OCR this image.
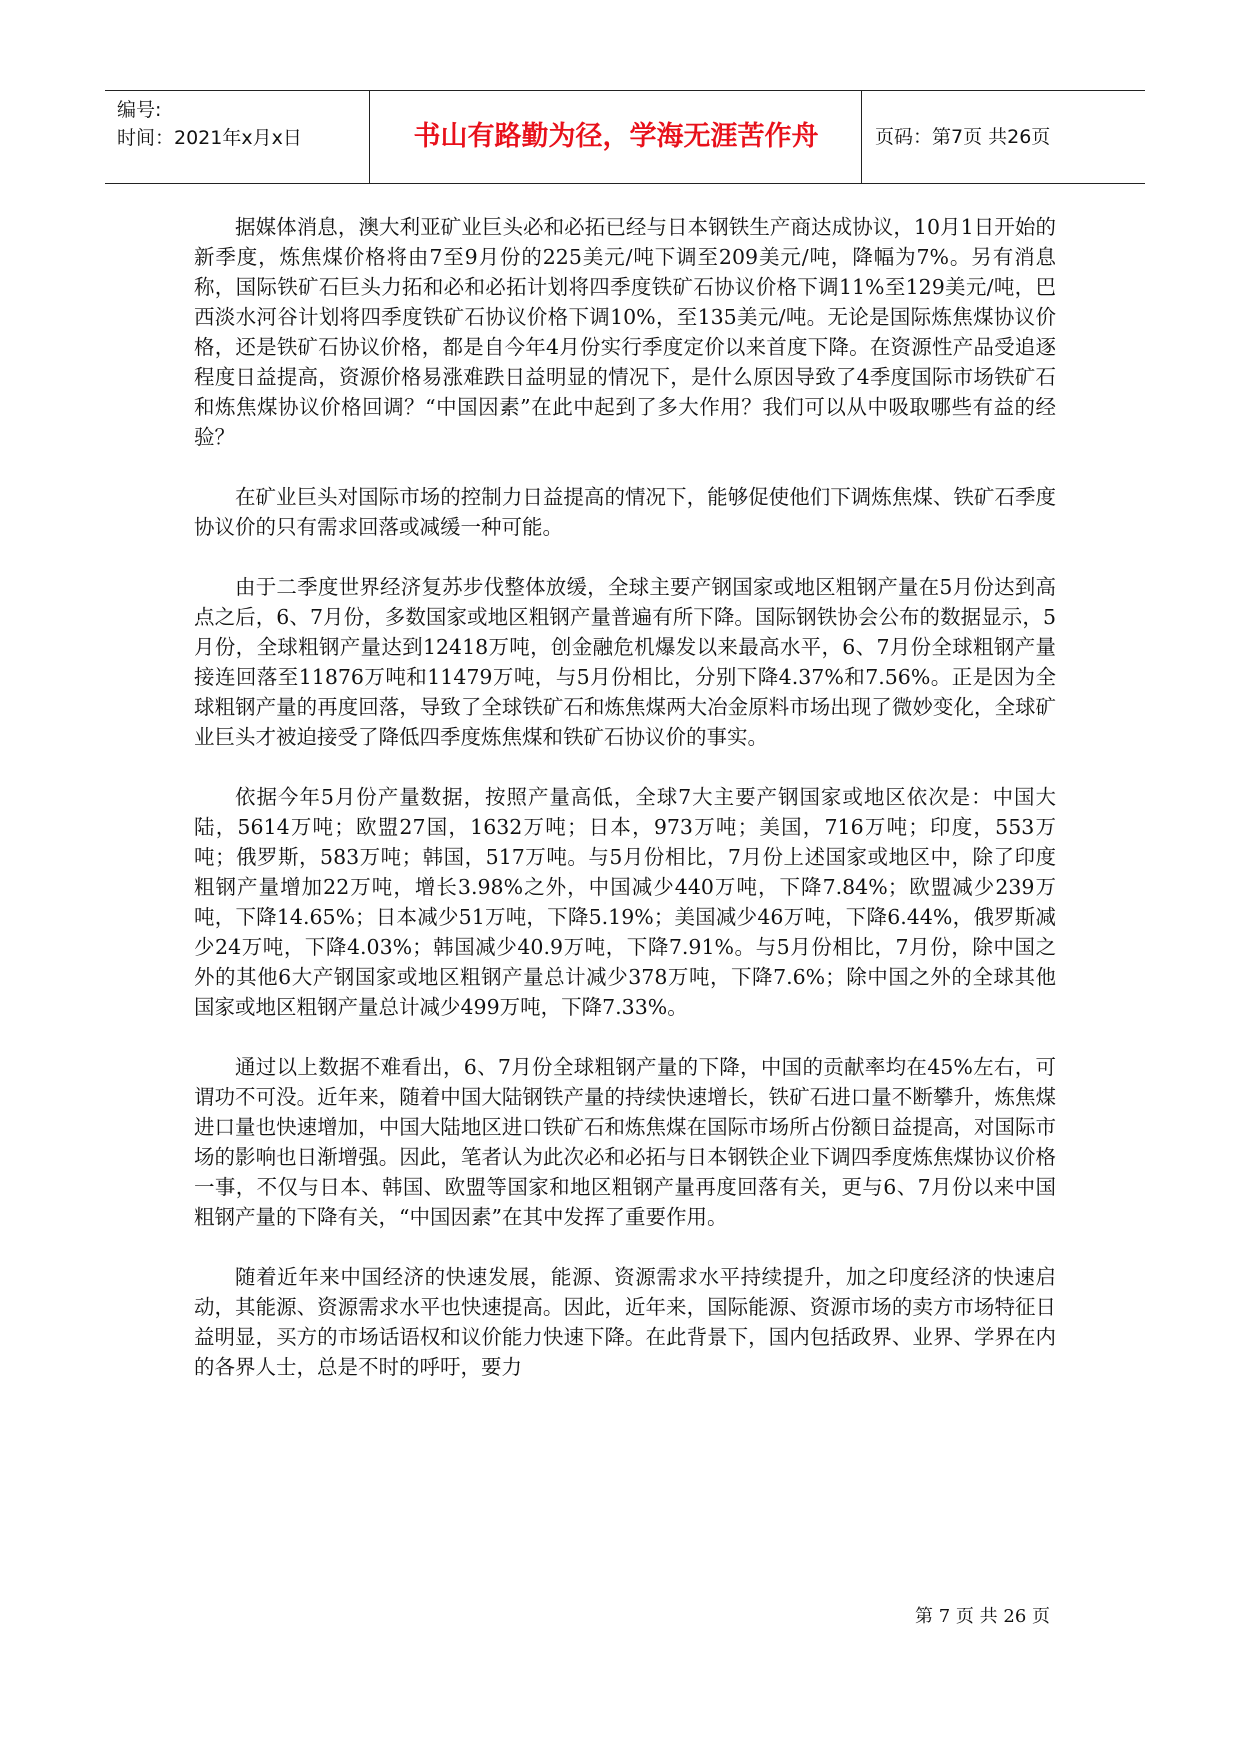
编号:
时间：2021年x月x日	书山有路勤为径，学海无涯苦作舟	页码：第7页 共26页

据媒体消息，澳大利亚矿业巨头必和必拓已经与日本钢铁生产商达成协议，10月1日开始的新季度，炼焦煤价格将由7至9月份的225美元/吨下调至209美元/吨，降幅为7%。另有消息称，国际铁矿石巨头力拓和必和必拓计划将四季度铁矿石协议价格下调11%至129美元/吨，巴西淡水河谷计划将四季度铁矿石协议价格下调10%，至135美元/吨。无论是国际炼焦煤协议价格，还是铁矿石协议价格，都是自今年4月份实行季度定价以来首度下降。在资源性产品受追逐程度日益提高，资源价格易涨难跌日益明显的情况下，是什么原因导致了4季度国际市场铁矿石和炼焦煤协议价格回调？“中国因素”在此中起到了多大作用？我们可以从中吸取哪些有益的经验？

在矿业巨头对国际市场的控制力日益提高的情况下，能够促使他们下调炼焦煤、铁矿石季度协议价的只有需求回落或减缓一种可能。

由于二季度世界经济复苏步伐整体放缓，全球主要产钢国家或地区粗钢产量在5月份达到高点之后，6、7月份，多数国家或地区粗钢产量普遍有所下降。国际钢铁协会公布的数据显示，5月份，全球粗钢产量达到12418万吨，创金融危机爆发以来最高水平，6、7月份全球粗钢产量接连回落至11876万吨和11479万吨，与5月份相比，分别下降4.37%和7.56%。正是因为全球粗钢产量的再度回落，导致了全球铁矿石和炼焦煤两大冶金原料市场出现了微妙变化，全球矿业巨头才被迫接受了降低四季度炼焦煤和铁矿石协议价的事实。

依据今年5月份产量数据，按照产量高低，全球7大主要产钢国家或地区依次是：中国大陆，5614万吨；欧盟27国，1632万吨；日本，973万吨；美国，716万吨；印度，553万吨；俄罗斯，583万吨；韩国，517万吨。与5月份相比，7月份上述国家或地区中，除了印度粗钢产量增加22万吨，增长3.98%之外，中国减少440万吨，下降7.84%；欧盟减少239万吨，下降14.65%；日本减少51万吨，下降5.19%；美国减少46万吨，下降6.44%，俄罗斯减少24万吨，下降4.03%；韩国减少40.9万吨，下降7.91%。与5月份相比，7月份，除中国之外的其他6大产钢国家或地区粗钢产量总计减少378万吨，下降7.6%；除中国之外的全球其他国家或地区粗钢产量总计减少499万吨，下降7.33%。

通过以上数据不难看出，6、7月份全球粗钢产量的下降，中国的贡献率均在45%左右，可谓功不可没。近年来，随着中国大陆钢铁产量的持续快速增长，铁矿石进口量不断攀升，炼焦煤进口量也快速增加，中国大陆地区进口铁矿石和炼焦煤在国际市场所占份额日益提高，对国际市场的影响也日渐增强。因此，笔者认为此次必和必拓与日本钢铁企业下调四季度炼焦煤协议价格一事，不仅与日本、韩国、欧盟等国家和地区粗钢产量再度回落有关，更与6、7月份以来中国粗钢产量的下降有关，“中国因素”在其中发挥了重要作用。

随着近年来中国经济的快速发展，能源、资源需求水平持续提升，加之印度经济的快速启动，其能源、资源需求水平也快速提高。因此，近年来，国际能源、资源市场的卖方市场特征日益明显，买方的市场话语权和议价能力快速下降。在此背景下，国内包括政界、业界、学界在内的各界人士，总是不时的呼吁，要力

第 7 页 共 26 页
